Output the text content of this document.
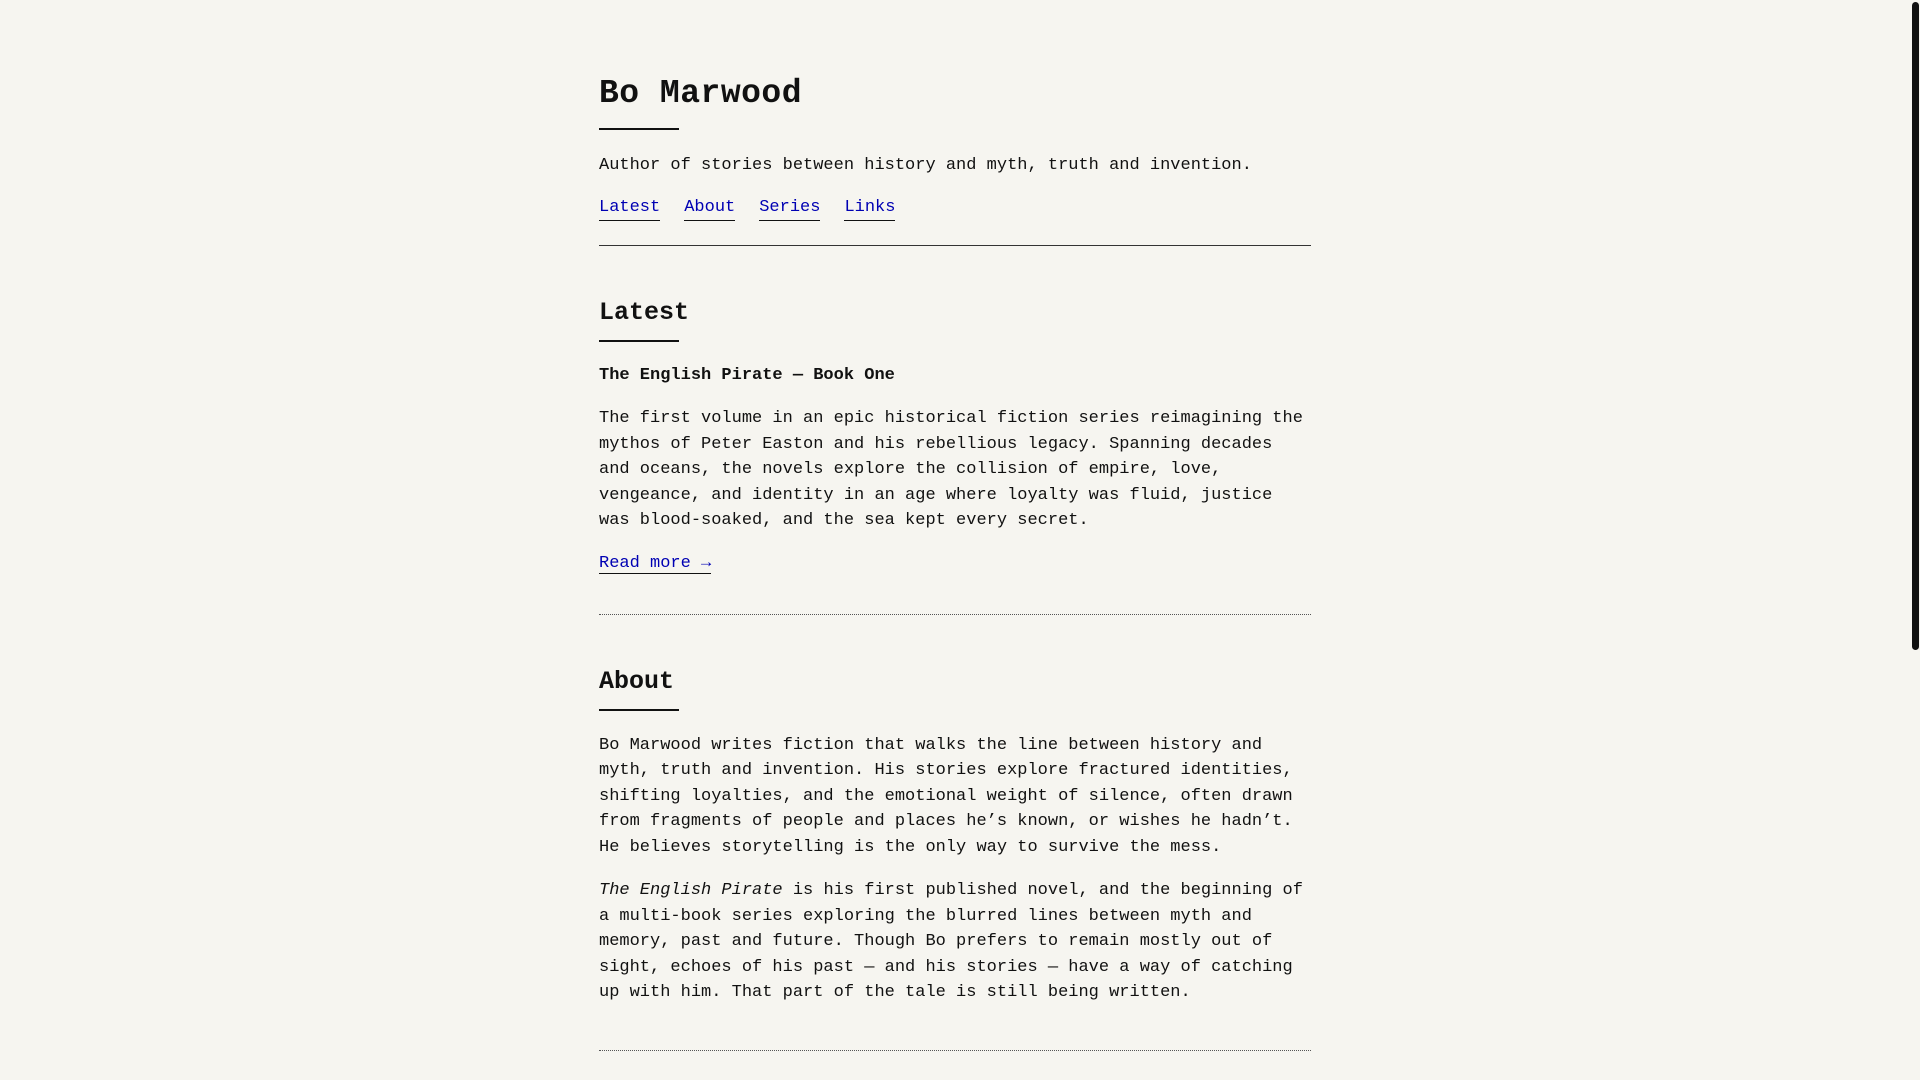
Bo Marwood

Author of stories between history and myth, truth and invention.

Latest About Series Links
Latest

The English Pirate — Book One

The first volume in an epic historical fiction series reimagining the mythos of Peter Easton and his rebellious legacy. Spanning decades and oceans, the novels explore the collision of empire, love, vengeance, and identity in an age where loyalty was fluid, justice was blood-soaked, and the sea kept every secret.

Read more →

About

Bo Marwood writes fiction that walks the line between history and myth, truth and invention. His stories explore fractured identities, shifting loyalties, and the emotional weight of silence, often drawn from fragments of people and places he’s known, or wishes he hadn’t. He believes storytelling is the only way to survive the mess.

The English Pirate is his first published novel, and the beginning of a multi-book series exploring the blurred lines between myth and memory, past and future. Though Bo prefers to remain mostly out of sight, echoes of his past — and his stories — have a way of catching up with him. That part of the tale is still being written.
